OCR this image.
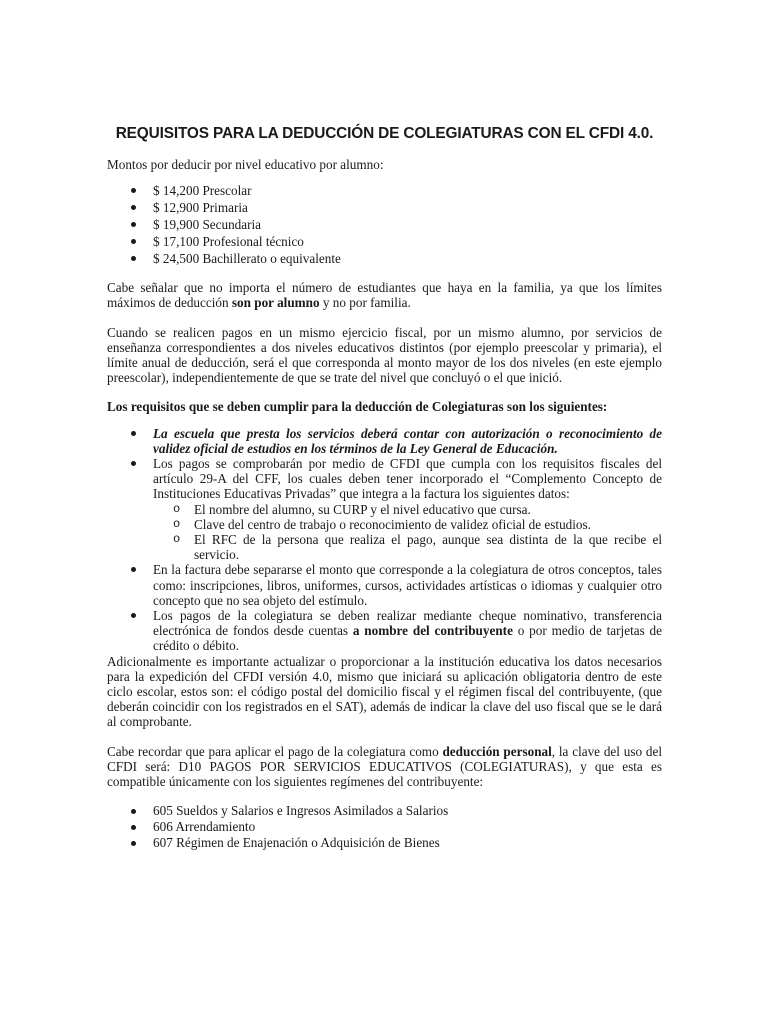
REQUISITOS PARA LA DEDUCCIÓN DE COLEGIATURAS CON EL CFDI 4.0.

Montos por deducir por nivel educativo por alumno:

$ 14,200 Prescolar
$ 12,900 Primaria
$ 19,900 Secundaria
$ 17,100 Profesional técnico
$ 24,500 Bachillerato o equivalente

Cabe señalar que no importa el número de estudiantes que haya en la familia, ya que los límites máximos de deducción son por alumno y no por familia.

Cuando se realicen pagos en un mismo ejercicio fiscal, por un mismo alumno, por servicios de enseñanza correspondientes a dos niveles educativos distintos (por ejemplo preescolar y primaria), el límite anual de deducción, será el que corresponda al monto mayor de los dos niveles (en este ejemplo preescolar), independientemente de que se trate del nivel que concluyó o el que inició.

Los requisitos que se deben cumplir para la deducción de Colegiaturas son los siguientes:

La escuela que presta los servicios deberá contar con autorización o reconocimiento de validez oficial de estudios en los términos de la Ley General de Educación.
Los pagos se comprobarán por medio de CFDI que cumpla con los requisitos fiscales del artículo 29-A del CFF, los cuales deben tener incorporado el “Complemento Concepto de Instituciones Educativas Privadas” que integra a la factura los siguientes datos:
o El nombre del alumno, su CURP y el nivel educativo que cursa.
o Clave del centro de trabajo o reconocimiento de validez oficial de estudios.
o El RFC de la persona que realiza el pago, aunque sea distinta de la que recibe el servicio.
En la factura debe separarse el monto que corresponde a la colegiatura de otros conceptos, tales como: inscripciones, libros, uniformes, cursos, actividades artísticas o idiomas y cualquier otro concepto que no sea objeto del estímulo.
Los pagos de la colegiatura se deben realizar mediante cheque nominativo, transferencia electrónica de fondos desde cuentas a nombre del contribuyente o por medio de tarjetas de crédito o débito.

Adicionalmente es importante actualizar o proporcionar a la institución educativa los datos necesarios para la expedición del CFDI versión 4.0, mismo que iniciará su aplicación obligatoria dentro de este ciclo escolar, estos son: el código postal del domicilio fiscal y el régimen fiscal del contribuyente, (que deberán coincidir con los registrados en el SAT), además de indicar la clave del uso fiscal que se le dará al comprobante.

Cabe recordar que para aplicar el pago de la colegiatura como deducción personal, la clave del uso del CFDI será: D10 PAGOS POR SERVICIOS EDUCATIVOS (COLEGIATURAS), y que esta es compatible únicamente con los siguientes regímenes del contribuyente:

605 Sueldos y Salarios e Ingresos Asimilados a Salarios
606 Arrendamiento
607 Régimen de Enajenación o Adquisición de Bienes
